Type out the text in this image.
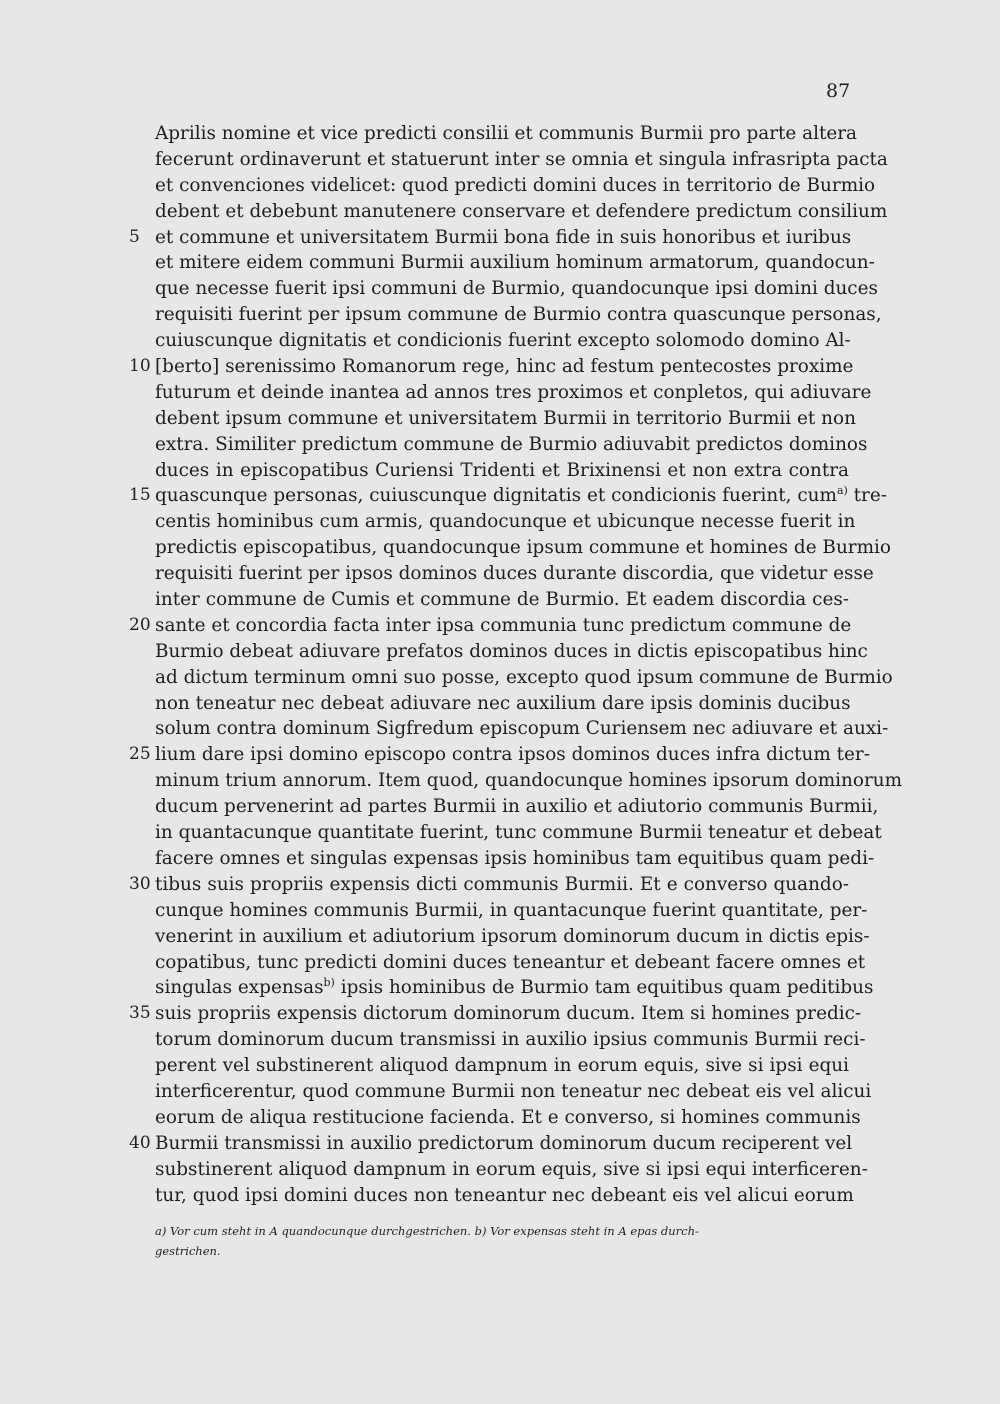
87
Aprilis nomine et vice predicti consilii et communis Burmii pro parte altera
fecerunt ordinaverunt et statuerunt inter se omnia et singula infrasripta pacta
et convenciones videlicet: quod predicti domini duces in territorio de Burmio
debent et debebunt manutenere conservare et defendere predictum consilium
5 et commune et universitatem Burmii bona fide in suis honoribus et iuribus
et mitere eidem communi Burmii auxilium hominum armatorum, quandocun-
que necesse fuerit ipsi communi de Burmio, quandocunque ipsi domini duces
requisiti fuerint per ipsum commune de Burmio contra quascunque personas,
cuiuscunque dignitatis et condicionis fuerint excepto solomodo domino Al-
10 [berto] serenissimo Romanorum rege, hinc ad festum pentecostes proxime
futurum et deinde inantea ad annos tres proximos et conpletos, qui adiuvare
debent ipsum commune et universitatem Burmii in territorio Burmii et non
extra. Similiter predictum commune de Burmio adiuvabit predictos dominos
duces in episcopatibus Curiensi Tridenti et Brixinensi et non extra contra
15 quascunque personas, cuiuscunque dignitatis et condicionis fuerint, cum$^{a)}$ tre-
centis hominibus cum armis, quandocunque et ubicunque necesse fuerit in
predictis episcopatibus, quandocunque ipsum commune et homines de Burmio
requisiti fuerint per ipsos dominos duces durante discordia, que videtur esse
inter commune de Cumis et commune de Burmio. Et eadem discordia ces-
20 sante et concordia facta inter ipsa communia tunc predictum commune de
Burmio debeat adiuvare prefatos dominos duces in dictis episcopatibus hinc
ad dictum terminum omni suo posse, excepto quod ipsum commune de Burmio
non teneatur nec debeat adiuvare nec auxilium dare ipsis dominis ducibus
solum contra dominum Sigfredum episcopum Curiensem nec adiuvare et auxi-
25 lium dare ipsi domino episcopo contra ipsos dominos duces infra dictum ter-
minum trium annorum. Item quod, quandocunque homines ipsorum dominorum
ducum pervenerint ad partes Burmii in auxilio et adiutorio communis Burmii,
in quantacunque quantitate fuerint, tunc commune Burmii teneatur et debeat
facere omnes et singulas expensas ipsis hominibus tam equitibus quam pedi-
30 tibus suis propriis expensis dicti communis Burmii. Et e converso quando-
cunque homines communis Burmii, in quantacunque fuerint quantitate, per-
venerint in auxilium et adiutorium ipsorum dominorum ducum in dictis epis-
copatibus, tunc predicti domini duces teneantur et debeant facere omnes et
singulas expensas$^{b)}$ ipsis hominibus de Burmio tam equitibus quam peditibus
35 suis propriis expensis dictorum dominorum ducum. Item si homines predic-
torum dominorum ducum transmissi in auxilio ipsius communis Burmii reci-
perent vel substinerent aliquod dampnum in eorum equis, sive si ipsi equi
interficerentur, quod commune Burmii non teneatur nec debeat eis vel alicui
eorum de aliqua restitucione facienda. Et e converso, si homines communis
40 Burmii transmissi in auxilio predictorum dominorum ducum reciperent vel
substinerent aliquod dampnum in eorum equis, sive si ipsi equi interficeren-
tur, quod ipsi domini duces non teneantur nec debeant eis vel alicui eorum
a) Vor cum steht in A quandocunque durchgestrichen. b) Vor expensas steht in A epas durch-
gestrichen.
